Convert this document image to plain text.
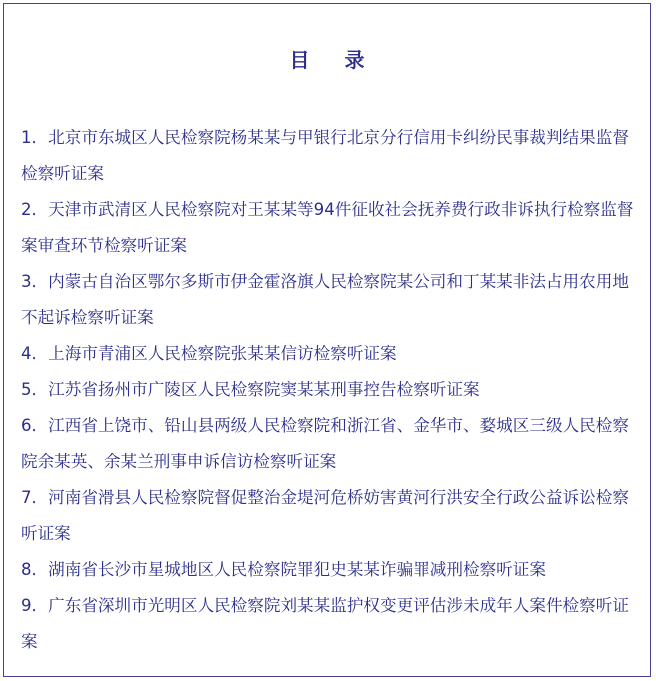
目 录
1．北京市东城区人民检察院杨某某与甲银行北京分行信用卡纠纷民事裁判结果监督检察听证案
2．天津市武清区人民检察院对王某某等94件征收社会抚养费行政非诉执行检察监督案审查环节检察听证案
3．内蒙古自治区鄂尔多斯市伊金霍洛旗人民检察院某公司和丁某某非法占用农用地不起诉检察听证案
4．上海市青浦区人民检察院张某某信访检察听证案
5．江苏省扬州市广陵区人民检察院窦某某刑事控告检察听证案
6．江西省上饶市、铅山县两级人民检察院和浙江省、金华市、婺城区三级人民检察院余某英、余某兰刑事申诉信访检察听证案
7．河南省滑县人民检察院督促整治金堤河危桥妨害黄河行洪安全行政公益诉讼检察听证案
8．湖南省长沙市星城地区人民检察院罪犯史某某诈骗罪减刑检察听证案
9．广东省深圳市光明区人民检察院刘某某监护权变更评估涉未成年人案件检察听证案
